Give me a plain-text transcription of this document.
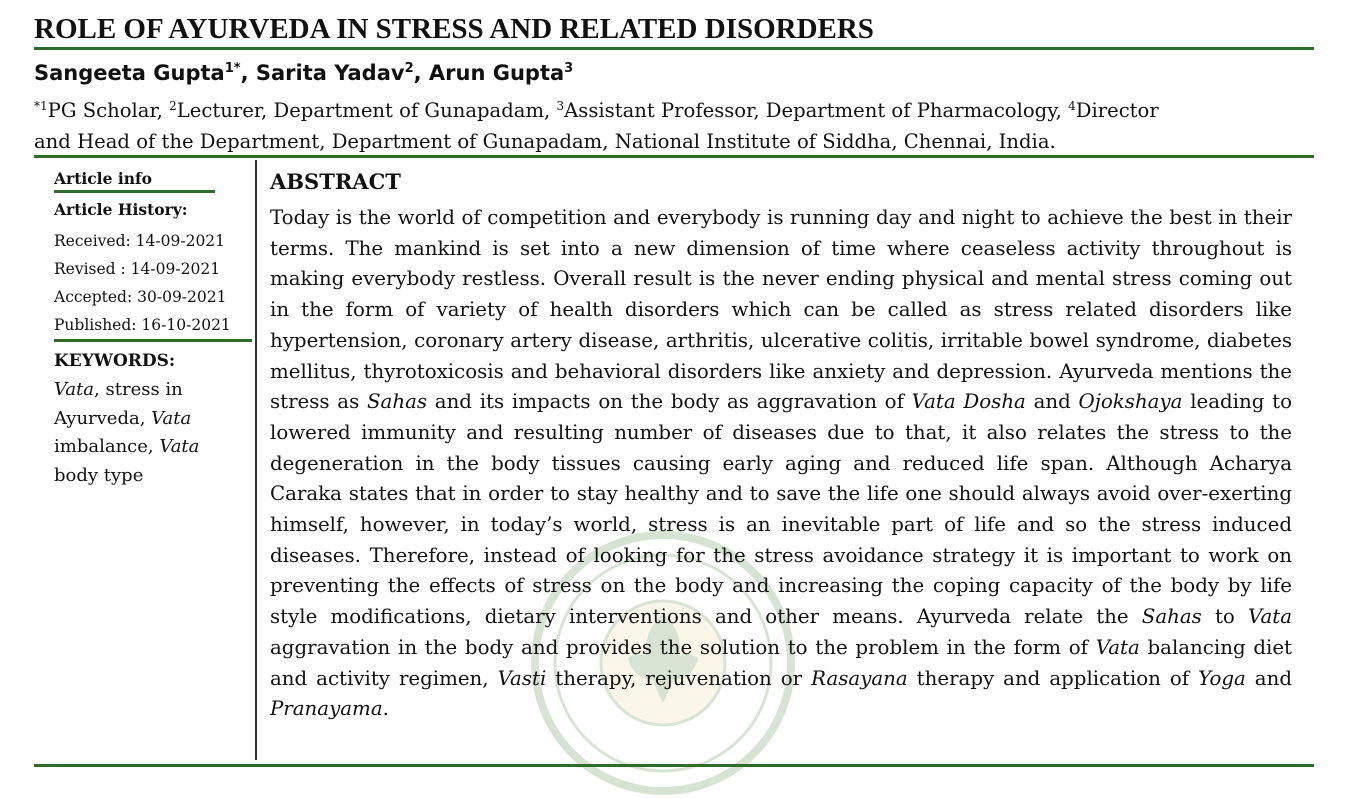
ROLE OF AYURVEDA IN STRESS AND RELATED DISORDERS
Sangeeta Gupta$^{1*}$, Sarita Yadav$^2$, Arun Gupta$^3$

$^{*1}$PG Scholar, $^2$Lecturer, Department of Gunapadam, $^3$Assistant Professor, Department of Pharmacology, $^4$Director

and Head of the Department, Department of Gunapadam, National Institute of Siddha, Chennai, India.

Article info
Article History:
Received: 14-09-2021
Revised : 14-09-2021
Accepted: 30-09-2021
Published: 16-10-2021
KEYWORDS:

Vata, stress in Ayurveda, Vata imbalance, Vata body type

ABSTRACT

Today is the world of competition and everybody is running day and night to achieve the best in their terms. The mankind is set into a new dimension of time where ceaseless activity throughout is making everybody restless. Overall result is the never ending physical and mental stress coming out in the form of variety of health disorders which can be called as stress related disorders like hypertension, coronary artery disease, arthritis, ulcerative colitis, irritable bowel syndrome, diabetes mellitus, thyrotoxicosis and behavioral disorders like anxiety and depression. Ayurveda mentions the stress as Sahas and its impacts on the body as aggravation of Vata Dosha and Ojokshaya leading to lowered immunity and resulting number of diseases due to that, it also relates the stress to the degeneration in the body tissues causing early aging and reduced life span. Although Acharya Caraka states that in order to stay healthy and to save the life one should always avoid over-exerting himself, however, in today’s world, stress is an inevitable part of life and so the stress induced diseases. Therefore, instead of looking for the stress avoidance strategy it is important to work on preventing the effects of stress on the body and increasing the coping capacity of the body by life style modifications, dietary interventions and other means. Ayurveda relate the Sahas to Vata aggravation in the body and provides the solution to the problem in the form of Vata balancing diet and activity regimen, Vasti therapy, rejuvenation or Rasayana therapy and application of Yoga and Pranayama.
